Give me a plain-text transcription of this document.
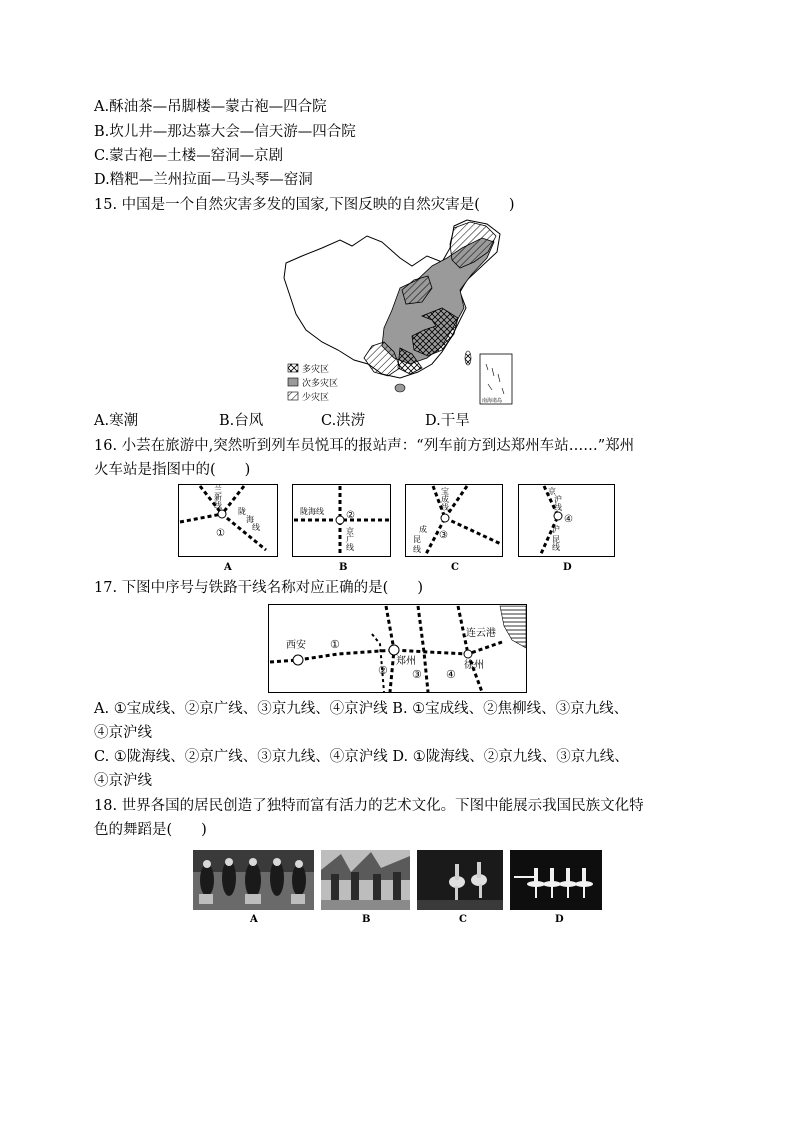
A.酥油茶—吊脚楼—蒙古袍—四合院
B.坎儿井—那达慕大会—信天游—四合院
C.蒙古袍—土楼—窑洞—京剧
D.糌粑—兰州拉面—马头琴—窑洞
15. 中国是一个自然灾害多发的国家,下图反映的自然灾害是(　　)
多灾区
次多灾区
少灾区	南海诸岛
A.寒潮	B.台风	C.洪涝	D.干旱
16. 小芸在旅游中,突然听到列车员悦耳的报站声：“列车前方到达郑州车站……”郑州
火车站是指图中的(　　)
兰
新
线
陇
海
线
①
A
陇海线
京
广
线
②
B
宝
成
线
成
昆
线
③
C
京
沪
线
沪
昆
线
④
D
17. 下图中序号与铁路干线名称对应正确的是(　　)
西安
郑州
连云港
徐州
①
② ③ ④
A. ①宝成线、②京广线、③京九线、④京沪线 B. ①宝成线、②焦柳线、③京九线、
④京沪线
C. ①陇海线、②京广线、③京九线、④京沪线 D. ①陇海线、②京九线、③京九线、
④京沪线
18. 世界各国的居民创造了独特而富有活力的艺术文化。下图中能展示我国民族文化特
色的舞蹈是(　　)
A	B	C	D
